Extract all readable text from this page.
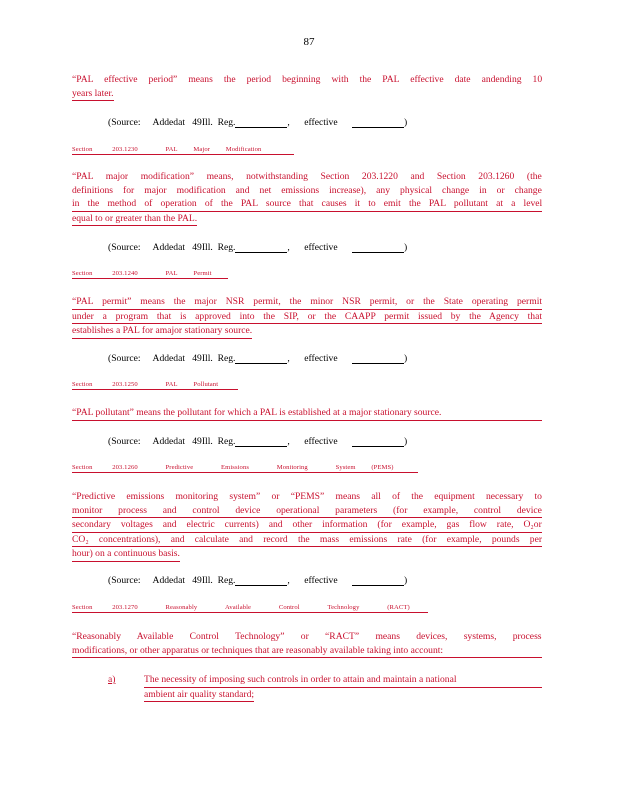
87
“PAL effective period” means the period beginning with the PAL effective date andending 10
years later.
(Source: Addedat 49Ill. Reg.	,      effective	)
Section	203.1230	PAL Major Modification
“PAL major modification” means, notwithstanding Section 203.1220 and Section 203.1260 (the
definitions for major modification and net emissions increase), any physical change in or change
in the method of operation of the PAL source that causes it to emit the PAL pollutant at a level
equal to or greater than the PAL.
(Source: Addedat 49Ill. Reg.	,      effective	)
Section	203.1240	PAL Permit
“PAL permit” means the major NSR permit, the minor NSR permit, or the State operating permit
under a program that is approved into the SIP, or the CAAPP permit issued by the Agency that
establishes a PAL for amajor stationary source.
(Source: Addedat 49Ill. Reg.	,      effective	)
Section	203.1250	PAL Pollutant
“PAL pollutant” means the pollutant for which a PAL is established at a major stationary source.
(Source: Addedat 49Ill. Reg.	,      effective	)
Section	203.1260	Predictive	Emissions	Monitoring	System (PEMS)
“Predictive emissions monitoring system” or “PEMS” means all of the equipment necessary to
monitor process and control device operational parameters (for example, control device
secondary voltages and electric currents) and other information (for example, gas flow rate, O₂or
CO₂ concentrations), and calculate and record the mass emissions rate (for example, pounds per
hour) on a continuous basis.
(Source: Addedat 49Ill. Reg.	,      effective	)
Section	203.1270	Reasonably	Available	Control	Technology	(RACT)
“Reasonably Available Control Technology” or “RACT” means devices, systems, process
modifications, or other apparatus or techniques that are reasonably available taking into account:
a)	The necessity of imposing such controls in order to attain and maintain a national
ambient air quality standard;
